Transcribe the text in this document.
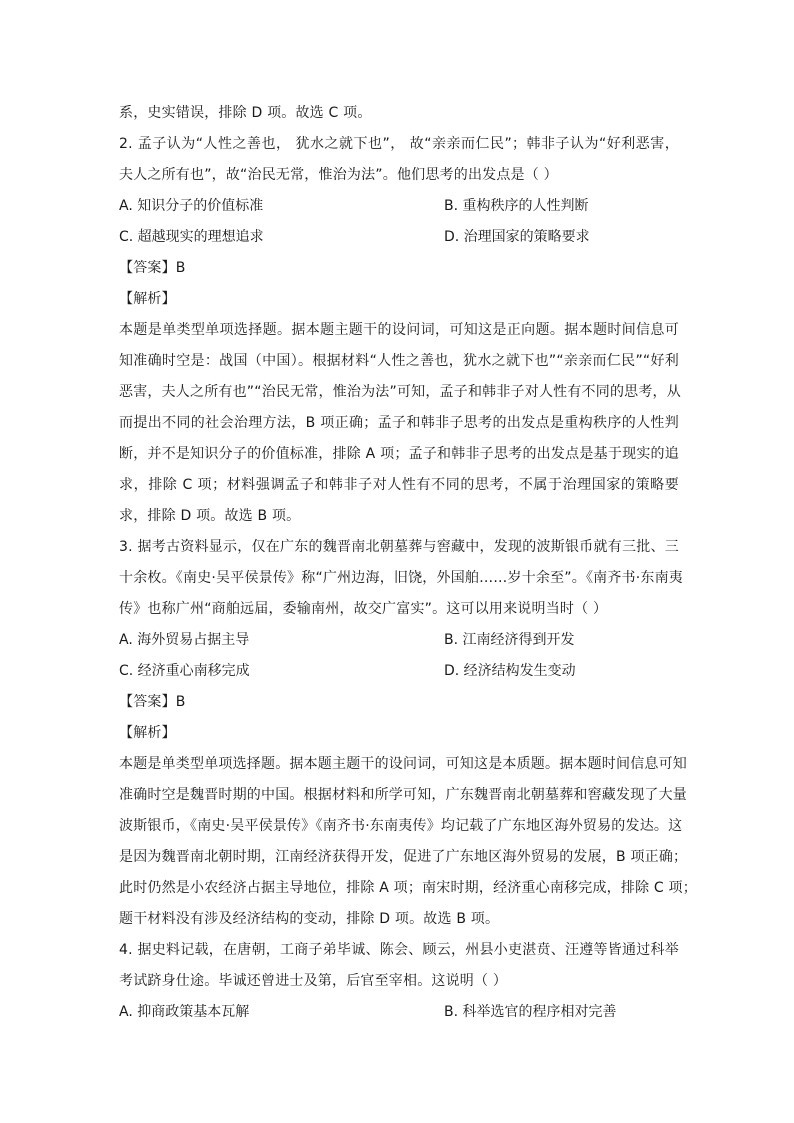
系，史实错误，排除 D 项。故选 C 项。
2. 孟子认为“人性之善也， 犹水之就下也”， 故“亲亲而仁民”；韩非子认为“好利恶害，
夫人之所有也”，故“治民无常，惟治为法”。他们思考的出发点是（ ）
A. 知识分子的价值标准	B. 重构秩序的人性判断
C. 超越现实的理想追求	D. 治理国家的策略要求
【答案】B
【解析】
本题是单类型单项选择题。据本题主题干的设问词，可知这是正向题。据本题时间信息可
知准确时空是：战国（中国）。根据材料“人性之善也，犹水之就下也”“亲亲而仁民”“好利
恶害，夫人之所有也”“治民无常，惟治为法”可知，孟子和韩非子对人性有不同的思考，从
而提出不同的社会治理方法，B 项正确；孟子和韩非子思考的出发点是重构秩序的人性判
断，并不是知识分子的价值标准，排除 A 项；孟子和韩非子思考的出发点是基于现实的追
求，排除 C 项；材料强调孟子和韩非子对人性有不同的思考，不属于治理国家的策略要
求，排除 D 项。故选 B 项。
3. 据考古资料显示，仅在广东的魏晋南北朝墓葬与窖藏中，发现的波斯银币就有三批、三
十余枚。《南史·吴平侯景传》称“广州边海，旧饶，外国舶……岁十余至”。《南齐书·东南夷
传》也称广州“商舶远届，委输南州，故交广富实”。这可以用来说明当时（ ）
A. 海外贸易占据主导	B. 江南经济得到开发
C. 经济重心南移完成	D. 经济结构发生变动
【答案】B
【解析】
本题是单类型单项选择题。据本题主题干的设问词，可知这是本质题。据本题时间信息可知
准确时空是魏晋时期的中国。根据材料和所学可知，广东魏晋南北朝墓葬和窖藏发现了大量
波斯银币，《南史·吴平侯景传》《南齐书·东南夷传》均记载了广东地区海外贸易的发达。这
是因为魏晋南北朝时期，江南经济获得开发，促进了广东地区海外贸易的发展，B 项正确；
此时仍然是小农经济占据主导地位，排除 A 项；南宋时期，经济重心南移完成，排除 C 项；
题干材料没有涉及经济结构的变动，排除 D 项。故选 B 项。
4. 据史料记载，在唐朝，工商子弟毕诚、陈会、顾云，州县小吏湛贲、汪遵等皆通过科举
考试跻身仕途。毕诚还曾进士及第，后官至宰相。这说明（ ）
A. 抑商政策基本瓦解	B. 科举选官的程序相对完善
